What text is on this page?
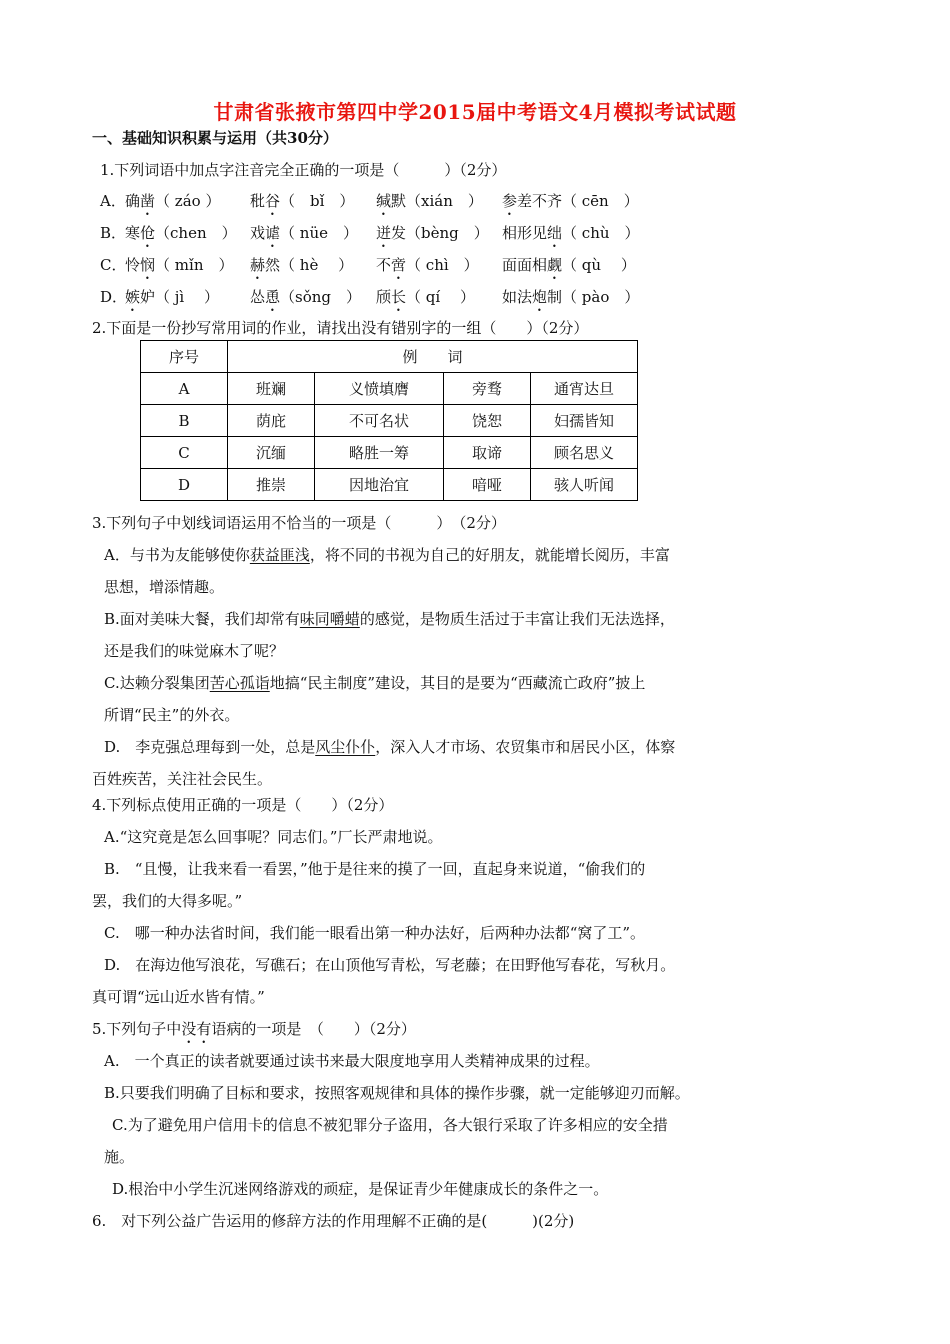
甘肃省张掖市第四中学2015届中考语文4月模拟考试试题
一、基础知识积累与运用（共30分）
1.下列词语中加点字注音完全正确的一项是（　　　）（2分）
A． 确凿（ záo ） 秕谷（　bǐ　） 缄默（xián　） 参差不齐（ cēn　）
B．
寒伧（chen　） 戏谑（ nüe　） 迸发（bèng　） 相形见绌（ chù　）
C．
怜悯（ mǐn　） 赫然（ hè　 ） 不啻（ chì　） 面面相觑（ qù　 ）
D．
嫉妒（ jì　 ） 怂恿（sǒng　） 颀长（ qí　 ） 如法炮制（ pào　）
2.下面是一份抄写常用词的作业，请找出没有错别字的一组（　　）（2分）
序号	例　　词			
A	班斓	义愤填膺	旁骛	通宵达旦
B	荫庇	不可名状	饶恕	妇孺皆知
C	沉缅	略胜一筹	取谛	顾名思义
D	推崇	因地治宜	喑哑	骇人听闻
3.下列句子中划线词语运用不恰当的一项是（　　　）　（2分）
A．与书为友能够使你获益匪浅，将不同的书视为自己的好朋友，就能增长阅历，丰富
思想，增添情趣。
B.面对美味大餐，我们却常有味同嚼蜡的感觉，是物质生活过于丰富让我们无法选择，
还是我们的味觉麻木了呢？
C.达赖分裂集团苦心孤诣地搞“民主制度”建设，其目的是要为“西藏流亡政府”披上
所谓“民主”的外衣。
D.　李克强总理每到一处，总是风尘仆仆，深入人才市场、农贸集市和居民小区，体察
百姓疾苦，关注社会民生。
4.下列标点使用正确的一项是（　　）（2分）
A.“这究竟是怎么回事呢？同志们。”厂长严肃地说。
B.　“且慢，让我来看一看罢，”他于是往来的摸了一回，直起身来说道，“偷我们的
罢，我们的大得多呢。”
C.　哪一种办法省时间，我们能一眼看出第一种办法好，后两种办法都“窝了工”。
D.　在海边他写浪花，写礁石；在山顶他写青松，写老藤；在田野他写春花，写秋月。
真可谓“远山近水皆有情。”
5.下列句子中没有语病的一项是　（　　）（2分）
A.　一个真正的读者就要通过读书来最大限度地享用人类精神成果的过程。
B.只要我们明确了目标和要求，按照客观规律和具体的操作步骤，就一定能够迎刃而解。
C.为了避免用户信用卡的信息不被犯罪分子盗用，各大银行采取了许多相应的安全措
施。
D.根治中小学生沉迷网络游戏的顽症，是保证青少年健康成长的条件之一。
6.　对下列公益广告运用的修辞方法的作用理解不正确的是(　　　)(2分)
